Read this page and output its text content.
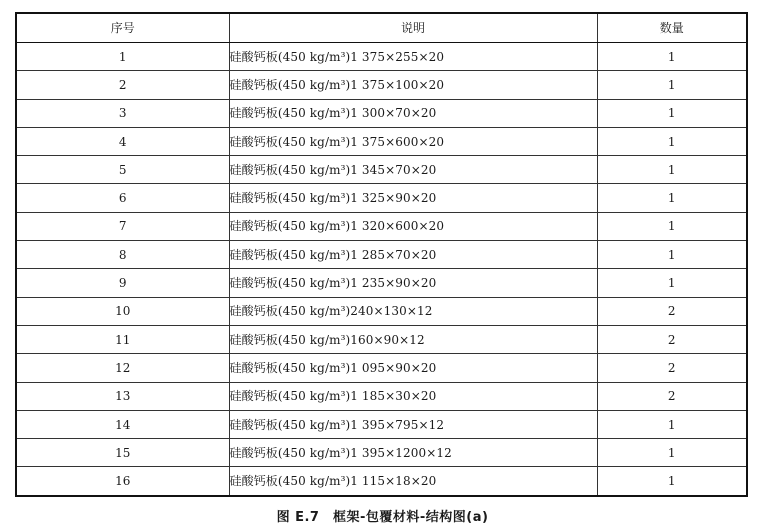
序号	说明	数量
1	硅酸钙板(450 kg/m³)1 375×255×20	1
2	硅酸钙板(450 kg/m³)1 375×100×20	1
3	硅酸钙板(450 kg/m³)1 300×70×20	1
4	硅酸钙板(450 kg/m³)1 375×600×20	1
5	硅酸钙板(450 kg/m³)1 345×70×20	1
6	硅酸钙板(450 kg/m³)1 325×90×20	1
7	硅酸钙板(450 kg/m³)1 320×600×20	1
8	硅酸钙板(450 kg/m³)1 285×70×20	1
9	硅酸钙板(450 kg/m³)1 235×90×20	1
10	硅酸钙板(450 kg/m³)240×130×12	2
11	硅酸钙板(450 kg/m³)160×90×12	2
12	硅酸钙板(450 kg/m³)1 095×90×20	2
13	硅酸钙板(450 kg/m³)1 185×30×20	2
14	硅酸钙板(450 kg/m³)1 395×795×12	1
15	硅酸钙板(450 kg/m³)1 395×1200×12	1
16	硅酸钙板(450 kg/m³)1 115×18×20	1
图 E.7　框架-包覆材料-结构图(a)
